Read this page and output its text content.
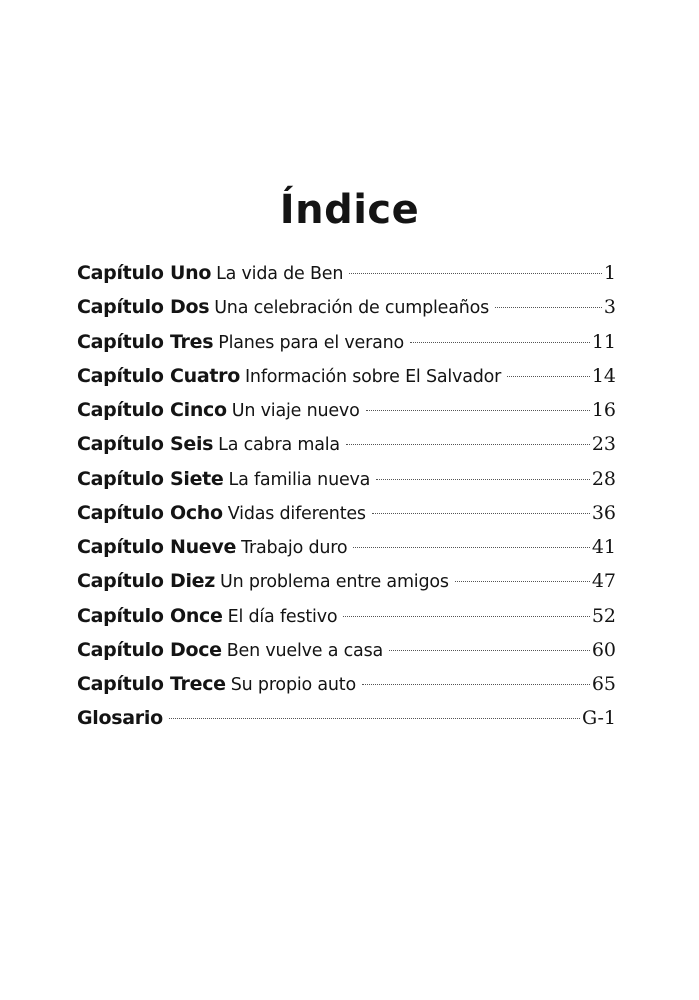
Índice
Capítulo Uno La vida de Ben	1
Capítulo Dos Una celebración de cumpleaños	3
Capítulo Tres Planes para el verano	11
Capítulo Cuatro Información sobre El Salvador	14
Capítulo Cinco Un viaje nuevo	16
Capítulo Seis La cabra mala	23
Capítulo Siete La familia nueva	28
Capítulo Ocho Vidas diferentes	36
Capítulo Nueve Trabajo duro	41
Capítulo Diez Un problema entre amigos	47
Capítulo Once El día festivo	52
Capítulo Doce Ben vuelve a casa	60
Capítulo Trece Su propio auto	65
Glosario	G-1
